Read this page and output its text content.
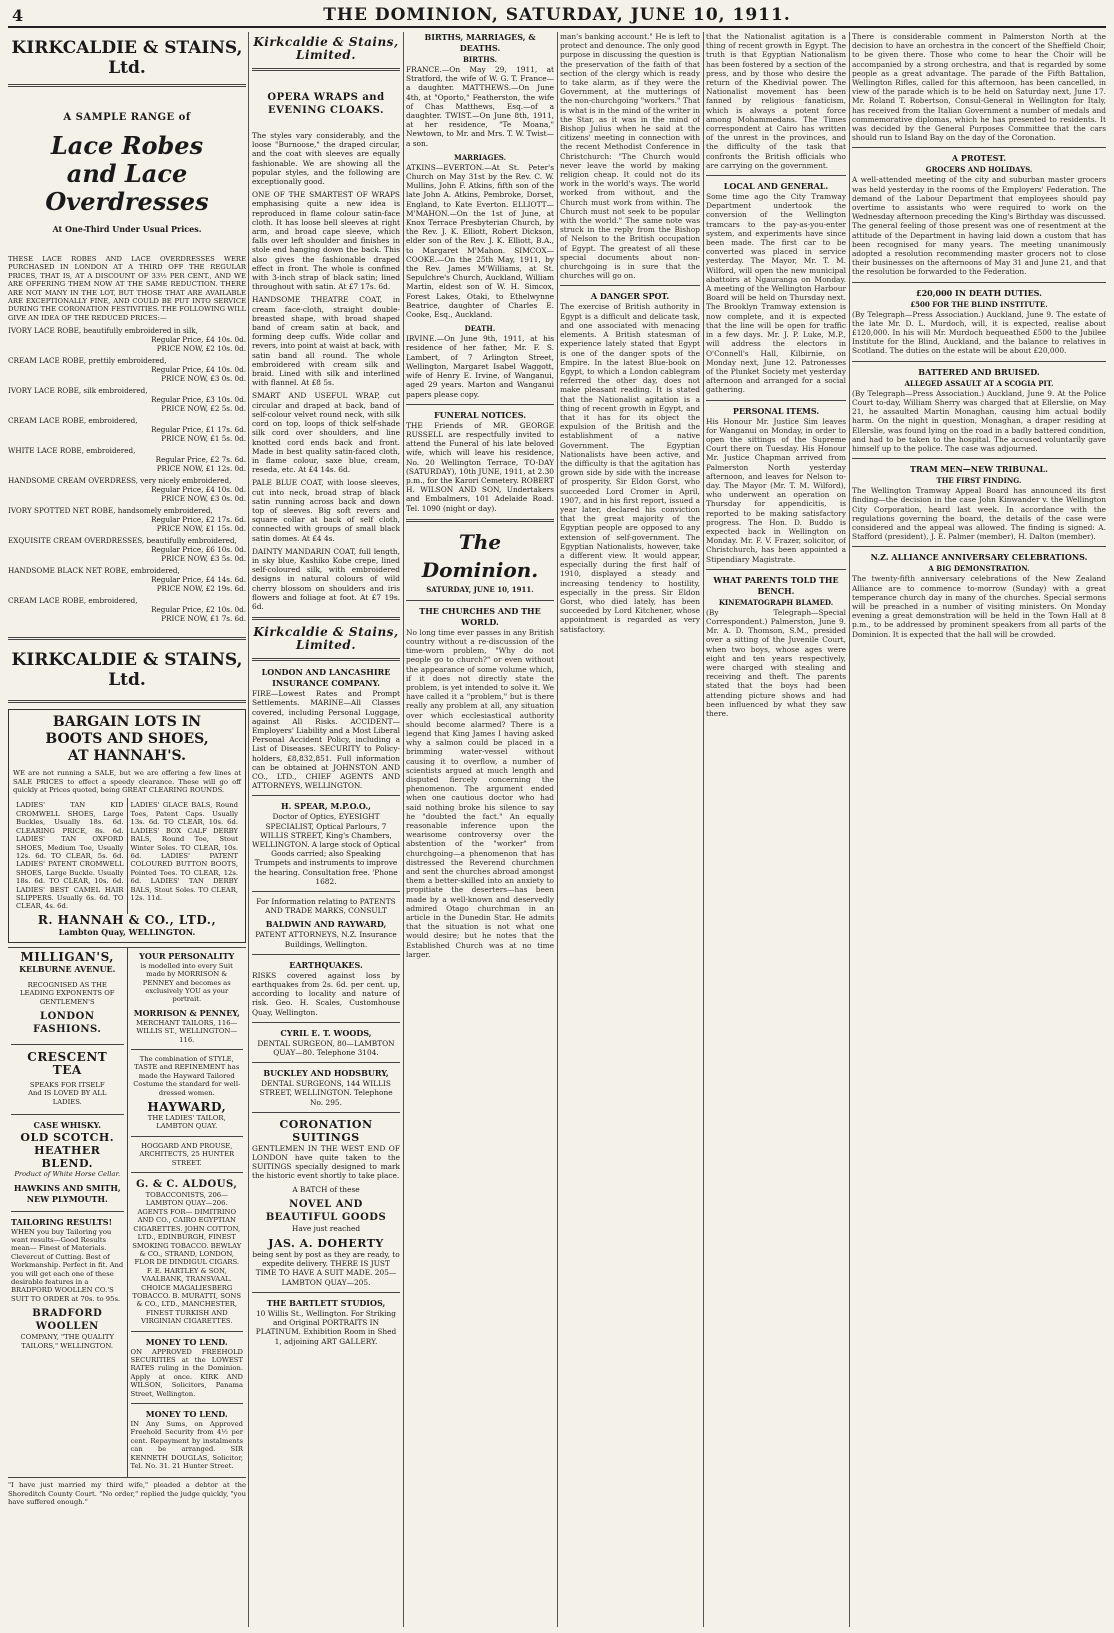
4	THE DOMINION, SATURDAY, JUNE 10, 1911.
KIRKCALDIE & STAINS, Ltd.
A SAMPLE RANGE of
Lace Robes and Lace Overdresses
At One-Third Under Usual Prices.

THESE LACE ROBES AND LACE OVERDRESSES WERE PURCHASED IN LONDON AT A THIRD OFF THE REGULAR PRICES, THAT IS, AT A DISCOUNT OF 33½ PER CENT., AND WE ARE OFFERING THEM NOW AT THE SAME REDUCTION. THERE ARE NOT MANY IN THE LOT, BUT THOSE THAT ARE AVAILABLE ARE EXCEPTIONALLY FINE, AND COULD BE PUT INTO SERVICE DURING THE CORONATION FESTIVITIES. THE FOLLOWING WILL GIVE AN IDEA OF THE REDUCED PRICES:—

IVORY LACE ROBE, beautifully embroidered in silk,
Regular Price, £4 10s. 0d.
PRICE NOW, £2 10s. 0d.
CREAM LACE ROBE, prettily embroidered,
Regular Price, £4 10s. 0d.
PRICE NOW, £3 0s. 0d.
IVORY LACE ROBE, silk embroidered,
Regular Price, £3 10s. 0d.
PRICE NOW, £2 5s. 0d.
CREAM LACE ROBE, embroidered,
Regular Price, £1 17s. 6d.
PRICE NOW, £1 5s. 0d.
WHITE LACE ROBE, embroidered,
Regular Price, £2 7s. 6d.
PRICE NOW, £1 12s. 0d.
HANDSOME CREAM OVERDRESS, very nicely embroidered,
Regular Price, £4 10s. 0d.
PRICE NOW, £3 0s. 0d.
IVORY SPOTTED NET ROBE, handsomely embroidered,
Regular Price, £2 17s. 6d.
PRICE NOW, £1 15s. 0d.
EXQUISITE CREAM OVERDRESSES, beautifully embroidered,
Regular Price, £6 10s. 0d.
PRICE NOW, £3 5s. 0d.
HANDSOME BLACK NET ROBE, embroidered,
Regular Price, £4 14s. 6d.
PRICE NOW, £2 19s. 6d.
CREAM LACE ROBE, embroidered,
Regular Price, £2 10s. 0d.
PRICE NOW, £1 7s. 6d.
KIRKCALDIE & STAINS, Ltd.
BARGAIN LOTS IN BOOTS AND SHOES, AT HANNAH'S.

WE are not running a SALE, but we are offering a few lines at SALE PRICES to effect a speedy clearance. These will go off quickly at Prices quoted, being GREAT CLEARING ROUNDS.

LADIES' TAN KID CROMWELL SHOES, Large Buckles, Usually 18s. 6d. CLEARING PRICE, 8s. 6d. LADIES' TAN OXFORD SHOES, Medium Toe, Usually 12s. 6d. TO CLEAR, 5s. 6d. LADIES' PATENT CROMWELL SHOES, Large Buckle. Usually 18s. 6d. TO CLEAR, 10s. 6d. LADIES' BEST CAMEL HAIR SLIPPERS. Usually 6s. 6d. TO CLEAR, 4s. 6d.
LADIES' GLACE BALS, Round Toes, Patent Caps. Usually 13s. 6d. TO CLEAR, 10s. 6d. LADIES' BOX CALF DERBY BALS, Round Toe, Stout Winter Soles. TO CLEAR, 10s. 6d. LADIES' PATENT COLOURED BUTTON BOOTS, Pointed Toes. TO CLEAR, 12s. 6d. LADIES' TAN DERBY BALS, Stout Soles. TO CLEAR, 12s. 11d.
R. HANNAH & CO., LTD.,
Lambton Quay, WELLINGTON.
MILLIGAN'S,
KELBURNE AVENUE.

RECOGNISED AS THE LEADING EXPONENTS OF GENTLEMEN'S

LONDON FASHIONS.
CRESCENT TEA

SPEAKS FOR ITSELF And IS LOVED BY ALL LADIES.

CASE WHISKY.
OLD SCOTCH. HEATHER BLEND.

Product of White Horse Cellar.

HAWKINS AND SMITH, NEW PLYMOUTH.
TAILORING RESULTS!

WHEN you buy Tailoring you want results—Good Results mean— Finest of Materials. Clevercut of Cutting. Best of Workmanship. Perfect in fit. And you will get each one of these desirable features in a BRADFORD WOOLLEN CO.'S SUIT TO ORDER at 70s. to 95s.

BRADFORD WOOLLEN

COMPANY, "THE QUALITY TAILORS," WELLINGTON.

YOUR PERSONALITY

is modelled into every Suit made by MORRISON & PENNEY and becomes as exclusively YOU as your portrait.

MORRISON & PENNEY,

MERCHANT TAILORS, 116—WILLIS ST., WELLINGTON—116.

The combination of STYLE, TASTE and REFINEMENT has made the Hayward Tailored Costume the standard for well-dressed women.

HAYWARD,

THE LADIES' TAILOR, LAMBTON QUAY.

HOGGARD AND PROUSE, ARCHITECTS, 25 HUNTER STREET.

G. & C. ALDOUS,

TOBACCONISTS, 206—LAMBTON QUAY—206. AGENTS FOR— DIMITRINO AND CO., CAIRO EGYPTIAN CIGARETTES. JOHN COTTON, LTD., EDINBURGH, FINEST SMOKING TOBACCO. BEWLAY & CO., STRAND, LONDON, FLOR DE DINDIGUL CIGARS. F. E. HARTLEY & SON, VAALBANK, TRANSVAAL. CHOICE MAGALIESBERG TOBACCO. B. MURATTI, SONS & CO., LTD., MANCHESTER, FINEST TURKISH AND VIRGINIAN CIGARETTES.

MONEY TO LEND.

ON APPROVED FREEHOLD SECURITIES at the LOWEST RATES ruling in the Dominion. Apply at once. KIRK AND WILSON, Solicitors, Panama Street, Wellington.

MONEY TO LEND.

IN Any Sums, on Approved Freehold Security from 4½ per cent. Repayment by instalments can be arranged. SIR KENNETH DOUGLAS, Solicitor, Tel. No. 31. 21 Hunter Street.

"I have just married my third wife," pleaded a debtor at the Shoreditch County Court. "No order," replied the judge quickly, "you have suffered enough."

Kirkcaldie & Stains, Limited.
OPERA WRAPS and EVENING CLOAKS.

The styles vary considerably, and the loose "Burnoose," the draped circular, and the coat with sleeves are equally fashionable. We are showing all the popular styles, and the following are exceptionally good.

ONE OF THE SMARTEST OF WRAPS emphasising quite a new idea is reproduced in flame colour satin-face cloth. It has loose bell sleeves at right arm, and broad cape sleeve, which falls over left shoulder and finishes in stole end hanging down the back. This also gives the fashionable draped effect in front. The whole is confined with 3-inch strap of black satin; lined throughout with satin. At £7 17s. 6d.

HANDSOME THEATRE COAT, in cream face-cloth, straight double-breasted shape, with broad shaped band of cream satin at back, and forming deep cuffs. Wide collar and revers, into point at waist at back, with satin band all round. The whole embroidered with cream silk and braid. Lined with silk and interlined with flannel. At £8 5s.

SMART AND USEFUL WRAP, cut circular and draped at back, band of self-colour velvet round neck, with silk cord on top, loops of thick self-shade silk cord over shoulders, and line knotted cord ends back and front. Made in best quality satin-faced cloth, in flame colour, saxe blue, cream, reseda, etc. At £4 14s. 6d.

PALE BLUE COAT, with loose sleeves, cut into neck, broad strap of black satin running across back and down top of sleeves. Big soft revers and square collar at back of self cloth, connected with groups of small black satin domes. At £4 4s.

DAINTY MANDARIN COAT, full length, in sky blue, Kashiko Kobe crepe, lined self-coloured silk, with embroidered designs in natural colours of wild cherry blossom on shoulders and iris flowers and foliage at foot. At £7 19s. 6d.

Kirkcaldie & Stains, Limited.
LONDON AND LANCASHIRE INSURANCE COMPANY.

FIRE—Lowest Rates and Prompt Settlements. MARINE—All Classes covered, including Personal Luggage, against All Risks. ACCIDENT—Employers' Liability and a Most Liberal Personal Accident Policy, including a List of Diseases. SECURITY to Policy-holders, £8,832,851. Full information can be obtained at JOHNSTON AND CO., LTD., CHIEF AGENTS AND ATTORNEYS, WELLINGTON.

H. SPEAR, M.P.O.O.,

Doctor of Optics, EYESIGHT SPECIALIST, Optical Parlours, 7 WILLIS STREET, King's Chambers, WELLINGTON. A large stock of Optical Goods carried; also Speaking Trumpets and instruments to improve the hearing. Consultation free. 'Phone 1682.

For Information relating to PATENTS AND TRADE MARKS, CONSULT

BALDWIN AND RAYWARD,

PATENT ATTORNEYS, N.Z. Insurance Buildings, Wellington.

EARTHQUAKES.

RISKS covered against loss by earthquakes from 2s. 6d. per cent. up, according to locality and nature of risk. Geo. H. Scales, Customhouse Quay, Wellington.

CYRIL E. T. WOODS,

DENTAL SURGEON, 80—LAMBTON QUAY—80. Telephone 3104.

BUCKLEY AND HODSBURY,

DENTAL SURGEONS, 144 WILLIS STREET, WELLINGTON. Telephone No. 295.

CORONATION SUITINGS

GENTLEMEN IN THE WEST END OF LONDON have quite taken to the SUITINGS specially designed to mark the historic event shortly to take place.

A BATCH of these

NOVEL AND BEAUTIFUL GOODS

Have just reached

JAS. A. DOHERTY

being sent by post as they are ready, to expedite delivery. THERE IS JUST TIME TO HAVE A SUIT MADE. 205—LAMBTON QUAY—205.

THE BARTLETT STUDIOS,

10 Willis St., Wellington. For Striking and Original PORTRAITS IN PLATINUM. Exhibition Room in Shed 1, adjoining ART GALLERY.

BIRTHS, MARRIAGES, & DEATHS.
BIRTHS.

FRANCE.—On May 29, 1911, at Stratford, the wife of W. G. T. France—a daughter. MATTHEWS.—On June 4th, at "Oporto," Featherston, the wife of Chas Matthews, Esq.—of a daughter. TWIST.—On June 8th, 1911, at her residence, "Te Moana," Newtown, to Mr. and Mrs. T. W. Twist—a son.

MARRIAGES.

ATKINS—EVERTON.—At St. Peter's Church on May 31st by the Rev. C. W. Mullins, John F. Atkins, fifth son of the late John A. Atkins, Pembroke, Dorset, England, to Kate Everton. ELLIOTT—M'MAHON.—On the 1st of June, at Knox Terrace Presbyterian Church, by the Rev. J. K. Elliott, Robert Dickson, elder son of the Rev. J. K. Elliott, B.A., to Margaret M'Mahon. SIMCOX—COOKE.—On the 25th May, 1911, by the Rev. James M'Williams, at St. Sepulchre's Church, Auckland, William Martin, eldest son of W. H. Simcox, Forest Lakes, Otaki, to Ethelwynne Beatrice, daughter of Charles E. Cooke, Esq., Auckland.

DEATH.

IRVINE.—On June 9th, 1911, at his residence of her father, Mr. F. S. Lambert, of 7 Arlington Street, Wellington, Margaret Isabel Waggott, wife of Henry E. Irvine, of Wanganui, aged 29 years. Marton and Wanganui papers please copy.

FUNERAL NOTICES.

THE Friends of MR. GEORGE RUSSELL are respectfully invited to attend the Funeral of his late beloved wife, which will leave his residence, No. 20 Wellington Terrace, TO-DAY (SATURDAY), 10th JUNE, 1911, at 2.30 p.m., for the Karori Cemetery. ROBERT H. WILSON AND SON, Undertakers and Embalmers, 101 Adelaide Road. Tel. 1090 (night or day).

The Dominion.
SATURDAY, JUNE 10, 1911.
THE CHURCHES AND THE WORLD.

No long time ever passes in any British country without a re-discussion of the time-worn problem, "Why do not people go to church?" or even without the appearance of some volume which, if it does not directly state the problem, is yet intended to solve it. We have called it a "problem," but is there really any problem at all, any situation over which ecclesiastical authority should become alarmed? There is a legend that King James I having asked why a salmon could be placed in a brimming water-vessel without causing it to overflow, a number of scientists argued at much length and disputed fiercely concerning the phenomenon. The argument ended when one cautious doctor who had said nothing broke his silence to say he "doubted the fact." An equally reasonable inference upon the wearisome controversy over the abstention of the "worker" from churchgoing—a phenomenon that has distressed the Reverend churchmen and sent the churches abroad amongst them a better-skilled into an anxiety to propitiate the deserters—has been made by a well-known and deservedly admired Otago churchman in an article in the Dunedin Star. He admits that the situation is not what one would desire; but he notes that the Established Church was at no time larger.

man's banking account." He is left to protect and denounce. The only good purpose in discussing the question is the preservation of the faith of that section of the clergy which is ready to take alarm, as if they were the Government, at the mutterings of the non-churchgoing "workers." That is what is in the mind of the writer in the Star, as it was in the mind of Bishop Julius when he said at the citizens' meeting in connection with the recent Methodist Conference in Christchurch: "The Church would never leave the world by making religion cheap. It could not do its work in the world's ways. The world worked from without, and the Church must work from within. The Church must not seek to be popular with the world." The same note was struck in the reply from the Bishop of Nelson to the British occupation of Egypt. The greatest of all these special documents about non-churchgoing is in sure that the churches will go on.

A DANGER SPOT.

The exercise of British authority in Egypt is a difficult and delicate task, and one associated with menacing elements. A British statesman of experience lately stated that Egypt is one of the danger spots of the Empire. In the latest Blue-book on Egypt, to which a London cablegram referred the other day, does not make pleasant reading. It is stated that the Nationalist agitation is a thing of recent growth in Egypt, and that it has for its object the expulsion of the British and the establishment of a native Government. The Egyptian Nationalists have been active, and the difficulty is that the agitation has grown side by side with the increase of prosperity. Sir Eldon Gorst, who succeeded Lord Cromer in April, 1907, and in his first report, issued a year later, declared his conviction that the great majority of the Egyptian people are opposed to any extension of self-government. The Egyptian Nationalists, however, take a different view. It would appear, especially during the first half of 1910, displayed a steady and increasing tendency to hostility, especially in the press. Sir Eldon Gorst, who died lately, has been succeeded by Lord Kitchener, whose appointment is regarded as very satisfactory.

that the Nationalist agitation is a thing of recent growth in Egypt. The truth is that Egyptian Nationalism has been fostered by a section of the press, and by those who desire the return of the Khedivial power. The Nationalist movement has been fanned by religious fanaticism, which is always a potent force among Mohammedans. The Times correspondent at Cairo has written of the unrest in the provinces, and the difficulty of the task that confronts the British officials who are carrying on the government.

LOCAL AND GENERAL.

Some time ago the City Tramway Department undertook the conversion of the Wellington tramcars to the pay-as-you-enter system, and experiments have since been made. The first car to be converted was placed in service yesterday. The Mayor, Mr. T. M. Wilford, will open the new municipal abattoirs at Ngauranga on Monday. A meeting of the Wellington Harbour Board will be held on Thursday next. The Brooklyn Tramway extension is now complete, and it is expected that the line will be open for traffic in a few days. Mr. J. P. Luke, M.P., will address the electors in O'Connell's Hall, Kilbirnie, on Monday next, June 12. Patronesses of the Plunket Society met yesterday afternoon and arranged for a social gathering.

PERSONAL ITEMS.

His Honour Mr. Justice Sim leaves for Wanganui on Monday, in order to open the sittings of the Supreme Court there on Tuesday. His Honour Mr. Justice Chapman arrived from Palmerston North yesterday afternoon, and leaves for Nelson to-day. The Mayor (Mr. T. M. Wilford), who underwent an operation on Thursday for appendicitis, is reported to be making satisfactory progress. The Hon. D. Buddo is expected back in Wellington on Monday. Mr. F. V. Frazer, solicitor, of Christchurch, has been appointed a Stipendiary Magistrate.

WHAT PARENTS TOLD THE BENCH.
KINEMATOGRAPH BLAMED.

(By Telegraph—Special Correspondent.) Palmerston, June 9. Mr. A. D. Thomson, S.M., presided over a sitting of the Juvenile Court, when two boys, whose ages were eight and ten years respectively, were charged with stealing and receiving and theft. The parents stated that the boys had been attending picture shows and had been influenced by what they saw there.

There is considerable comment in Palmerston North at the decision to have an orchestra in the concert of the Sheffield Choir, to be given there. Those who come to hear the Choir will be accompanied by a strong orchestra, and that is regarded by some people as a great advantage. The parade of the Fifth Battalion, Wellington Rifles, called for this afternoon, has been cancelled, in view of the parade which is to be held on Saturday next, June 17. Mr. Roland T. Robertson, Consul-General in Wellington for Italy, has received from the Italian Government a number of medals and commemorative diplomas, which he has presented to residents. It was decided by the General Purposes Committee that the cars should run to Island Bay on the day of the Coronation.

A PROTEST.
GROCERS AND HOLIDAYS.

A well-attended meeting of the city and suburban master grocers was held yesterday in the rooms of the Employers' Federation. The demand of the Labour Department that employees should pay overtime to assistants who were required to work on the Wednesday afternoon preceding the King's Birthday was discussed. The general feeling of those present was one of resentment at the attitude of the Department in having laid down a custom that has been recognised for many years. The meeting unanimously adopted a resolution recommending master grocers not to close their businesses on the afternoons of May 31 and June 21, and that the resolution be forwarded to the Federation.

£20,000 IN DEATH DUTIES.
£500 FOR THE BLIND INSTITUTE.

(By Telegraph—Press Association.) Auckland, June 9. The estate of the late Mr. D. L. Murdoch, will, it is expected, realise about £120,000. In his will Mr. Murdoch bequeathed £500 to the Jubilee Institute for the Blind, Auckland, and the balance to relatives in Scotland. The duties on the estate will be about £20,000.

BATTERED AND BRUISED.
ALLEGED ASSAULT AT A SCOGIA PIT.

(By Telegraph—Press Association.) Auckland, June 9. At the Police Court to-day, William Sherry was charged that at Ellerslie, on May 21, he assaulted Martin Monaghan, causing him actual bodily harm. On the night in question, Monaghan, a draper residing at Ellerslie, was found lying on the road in a badly battered condition, and had to be taken to the hospital. The accused voluntarily gave himself up to the police. The case was adjourned.

TRAM MEN—NEW TRIBUNAL.
THE FIRST FINDING.

The Wellington Tramway Appeal Board has announced its first finding—the decision in the case John Kinwander v. the Wellington City Corporation, heard last week. In accordance with the regulations governing the board, the details of the case were considered and the appeal was allowed. The finding is signed: A. Stafford (president), J. E. Palmer (member), H. Dalton (member).

N.Z. ALLIANCE ANNIVERSARY CELEBRATIONS.
A BIG DEMONSTRATION.

The twenty-fifth anniversary celebrations of the New Zealand Alliance are to commence to-morrow (Sunday) with a great temperance church day in many of the churches. Special sermons will be preached in a number of visiting ministers. On Monday evening a great demonstration will be held in the Town Hall at 8 p.m., to be addressed by prominent speakers from all parts of the Dominion. It is expected that the hall will be crowded.
